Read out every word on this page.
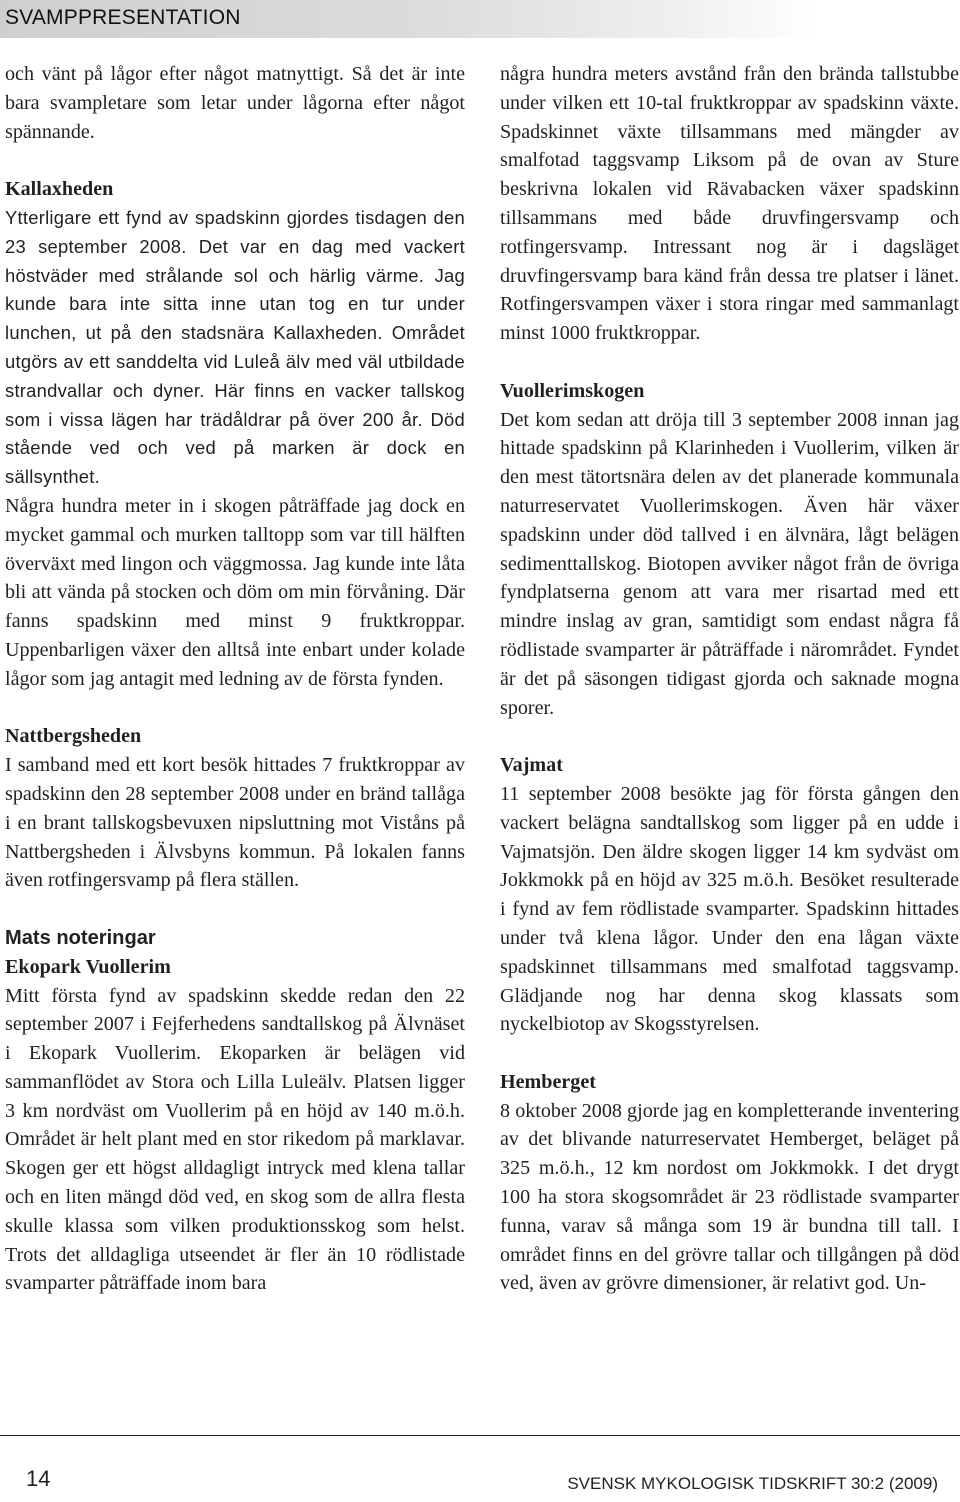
SVAMPPRESENTATION

och vänt på lågor efter något matnyttigt. Så det är inte bara svampletare som letar under lågorna efter något spännande.

Kallaxheden

Ytterligare ett fynd av spadskinn gjordes tisdagen den 23 september 2008. Det var en dag med vackert höstväder med strålande sol och härlig värme. Jag kunde bara inte sitta inne utan tog en tur under lunchen, ut på den stadsnära Kallaxheden. Området utgörs av ett sanddelta vid Luleå älv med väl utbildade strandvallar och dyner. Här finns en vacker tallskog som i vissa lägen har trädåldrar på över 200 år. Död stående ved och ved på marken är dock en sällsynthet.

Några hundra meter in i skogen påträffade jag dock en mycket gammal och murken talltopp som var till hälften överväxt med lingon och väggmossa. Jag kunde inte låta bli att vända på stocken och döm om min förvåning. Där fanns spadskinn med minst 9 fruktkroppar. Uppenbarligen växer den alltså inte enbart under kolade lågor som jag antagit med ledning av de första fynden.

Nattbergsheden

I samband med ett kort besök hittades 7 fruktkroppar av spadskinn den 28 september 2008 under en bränd tallåga i en brant tallskogsbevuxen nipsluttning mot Viståns på Nattbergsheden i Älvsbyns kommun. På lokalen fanns även rotfingersvamp på flera ställen.

Mats noteringar

Ekopark Vuollerim

Mitt första fynd av spadskinn skedde redan den 22 september 2007 i Fejferhedens sandtallskog på Älvnäset i Ekopark Vuollerim. Ekoparken är belägen vid sammanflödet av Stora och Lilla Luleälv. Platsen ligger 3 km nordväst om Vuollerim på en höjd av 140 m.ö.h. Området är helt plant med en stor rikedom på marklavar. Skogen ger ett högst alldagligt intryck med klena tallar och en liten mängd död ved, en skog som de allra flesta skulle klassa som vilken produktionsskog som helst. Trots det alldagliga utseendet är fler än 10 rödlistade svamparter påträffade inom bara

några hundra meters avstånd från den brända tallstubbe under vilken ett 10-tal fruktkroppar av spadskinn växte. Spadskinnet växte tillsammans med mängder av smalfotad taggsvamp Liksom på de ovan av Sture beskrivna lokalen vid Rävabacken växer spadskinn tillsammans med både druvfingersvamp och rotfingersvamp. Intressant nog är i dagsläget druvfingersvamp bara känd från dessa tre platser i länet. Rotfingersvampen växer i stora ringar med sammanlagt minst 1000 fruktkroppar.

Vuollerimskogen

Det kom sedan att dröja till 3 september 2008 innan jag hittade spadskinn på Klarinheden i Vuollerim, vilken är den mest tätortsnära delen av det planerade kommunala naturreservatet Vuollerimskogen. Även här växer spadskinn under död tallved i en älvnära, lågt belägen sedimenttallskog. Biotopen avviker något från de övriga fyndplatserna genom att vara mer risartad med ett mindre inslag av gran, samtidigt som endast några få rödlistade svamparter är påträffade i närområdet. Fyndet är det på säsongen tidigast gjorda och saknade mogna sporer.

Vajmat

11 september 2008 besökte jag för första gången den vackert belägna sandtallskog som ligger på en udde i Vajmatsjön. Den äldre skogen ligger 14 km sydväst om Jokkmokk på en höjd av 325 m.ö.h. Besöket resulterade i fynd av fem rödlistade svamparter. Spadskinn hittades under två klena lågor. Under den ena lågan växte spadskinnet tillsammans med smalfotad taggsvamp. Glädjande nog har denna skog klassats som nyckelbiotop av Skogsstyrelsen.

Hemberget

8 oktober 2008 gjorde jag en kompletterande inventering av det blivande naturreservatet Hemberget, beläget på 325 m.ö.h., 12 km nordost om Jokkmokk. I det drygt 100 ha stora skogsområdet är 23 rödlistade svamparter funna, varav så många som 19 är bundna till tall. I området finns en del grövre tallar och tillgången på död ved, även av grövre dimensioner, är relativt god. Un-

14	SVENSK MYKOLOGISK TIDSKRIFT 30:2 (2009)
